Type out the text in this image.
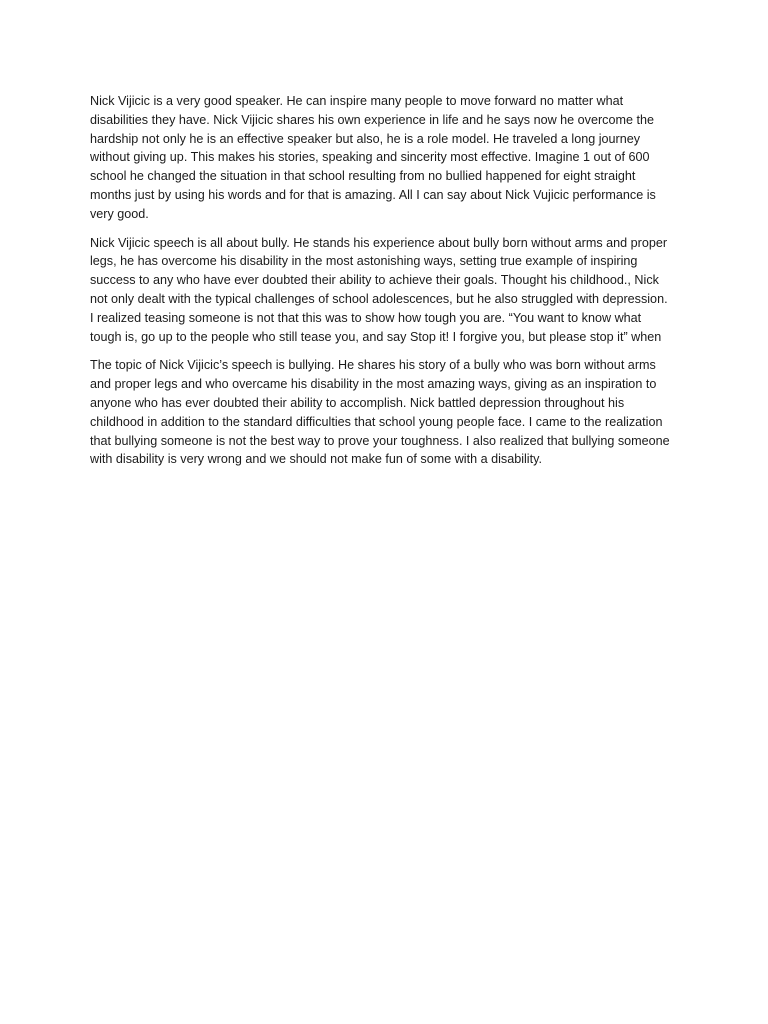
Nick Vijicic is a very good speaker. He can inspire many people to move forward no matter what
disabilities they have. Nick Vijicic shares his own experience in life and he says now he overcome the
hardship not only he is an effective speaker but also, he is a role model. He traveled a long journey
without giving up. This makes his stories, speaking and sincerity most effective. Imagine 1 out of 600
school he changed the situation in that school resulting from no bullied happened for eight straight
months just by using his words and for that is amazing. All I can say about Nick Vujicic performance is
very good.

Nick Vijicic speech is all about bully. He stands his experience about bully born without arms and proper
legs, he has overcome his disability in the most astonishing ways, setting true example of inspiring
success to any who have ever doubted their ability to achieve their goals. Thought his childhood., Nick
not only dealt with the typical challenges of school adolescences, but he also struggled with depression.
I realized teasing someone is not that this was to show how tough you are. “You want to know what
tough is, go up to the people who still tease you, and say Stop it! I forgive you, but please stop it” when

The topic of Nick Vijicic’s speech is bullying. He shares his story of a bully who was born without arms
and proper legs and who overcame his disability in the most amazing ways, giving as an inspiration to
anyone who has ever doubted their ability to accomplish. Nick battled depression throughout his
childhood in addition to the standard difficulties that school young people face. I came to the realization
that bullying someone is not the best way to prove your toughness. I also realized that bullying someone
with disability is very wrong and we should not make fun of some with a disability.
